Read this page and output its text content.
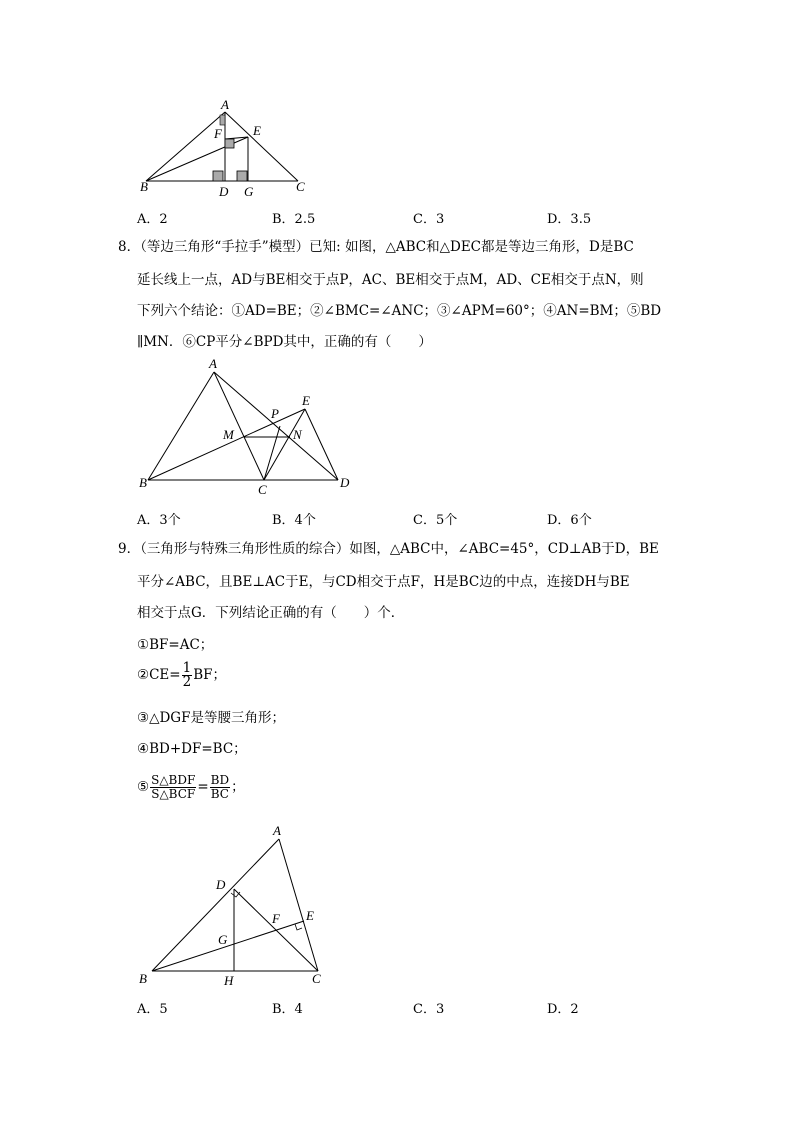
A
F E
B	D G	C
A．2	B．2.5	C．3	D．3.5
8．（等边三角形“手拉手”模型）已知: 如图，△ABC和△DEC都是等边三角形，D是BC
延长线上一点，AD与BE相交于点P，AC、BE相交于点M，AD、CE相交于点N，则
下列六个结论：①AD=BE；②∠BMC=∠ANC；③∠APM=60°；④AN=BM；⑤BD
∥MN．⑥CP平分∠BPD其中，正确的有（　　）
A
E
P
M	N
B	C	D
A．3个	B．4个	C．5个	D．6个
9．（三角形与特殊三角形性质的综合）如图，△ABC中，∠ABC=45°，CD⊥AB于D，BE
平分∠ABC，且BE⊥AC于E，与CD相交于点F，H是BC边的中点，连接DH与BE
相交于点G．下列结论正确的有（　　）个．
①BF=AC；
②CE= $\frac{1}{2}$ BF；
③△DGF是等腰三角形；
④BD+DF=BC；
⑤ $\frac{\text{S△BDF}}{\text{S△BCF}} = \frac{BD}{BC}$ ；
A
D
E
F
G
B	H	C
A．5	B．4	C．3	D．2
